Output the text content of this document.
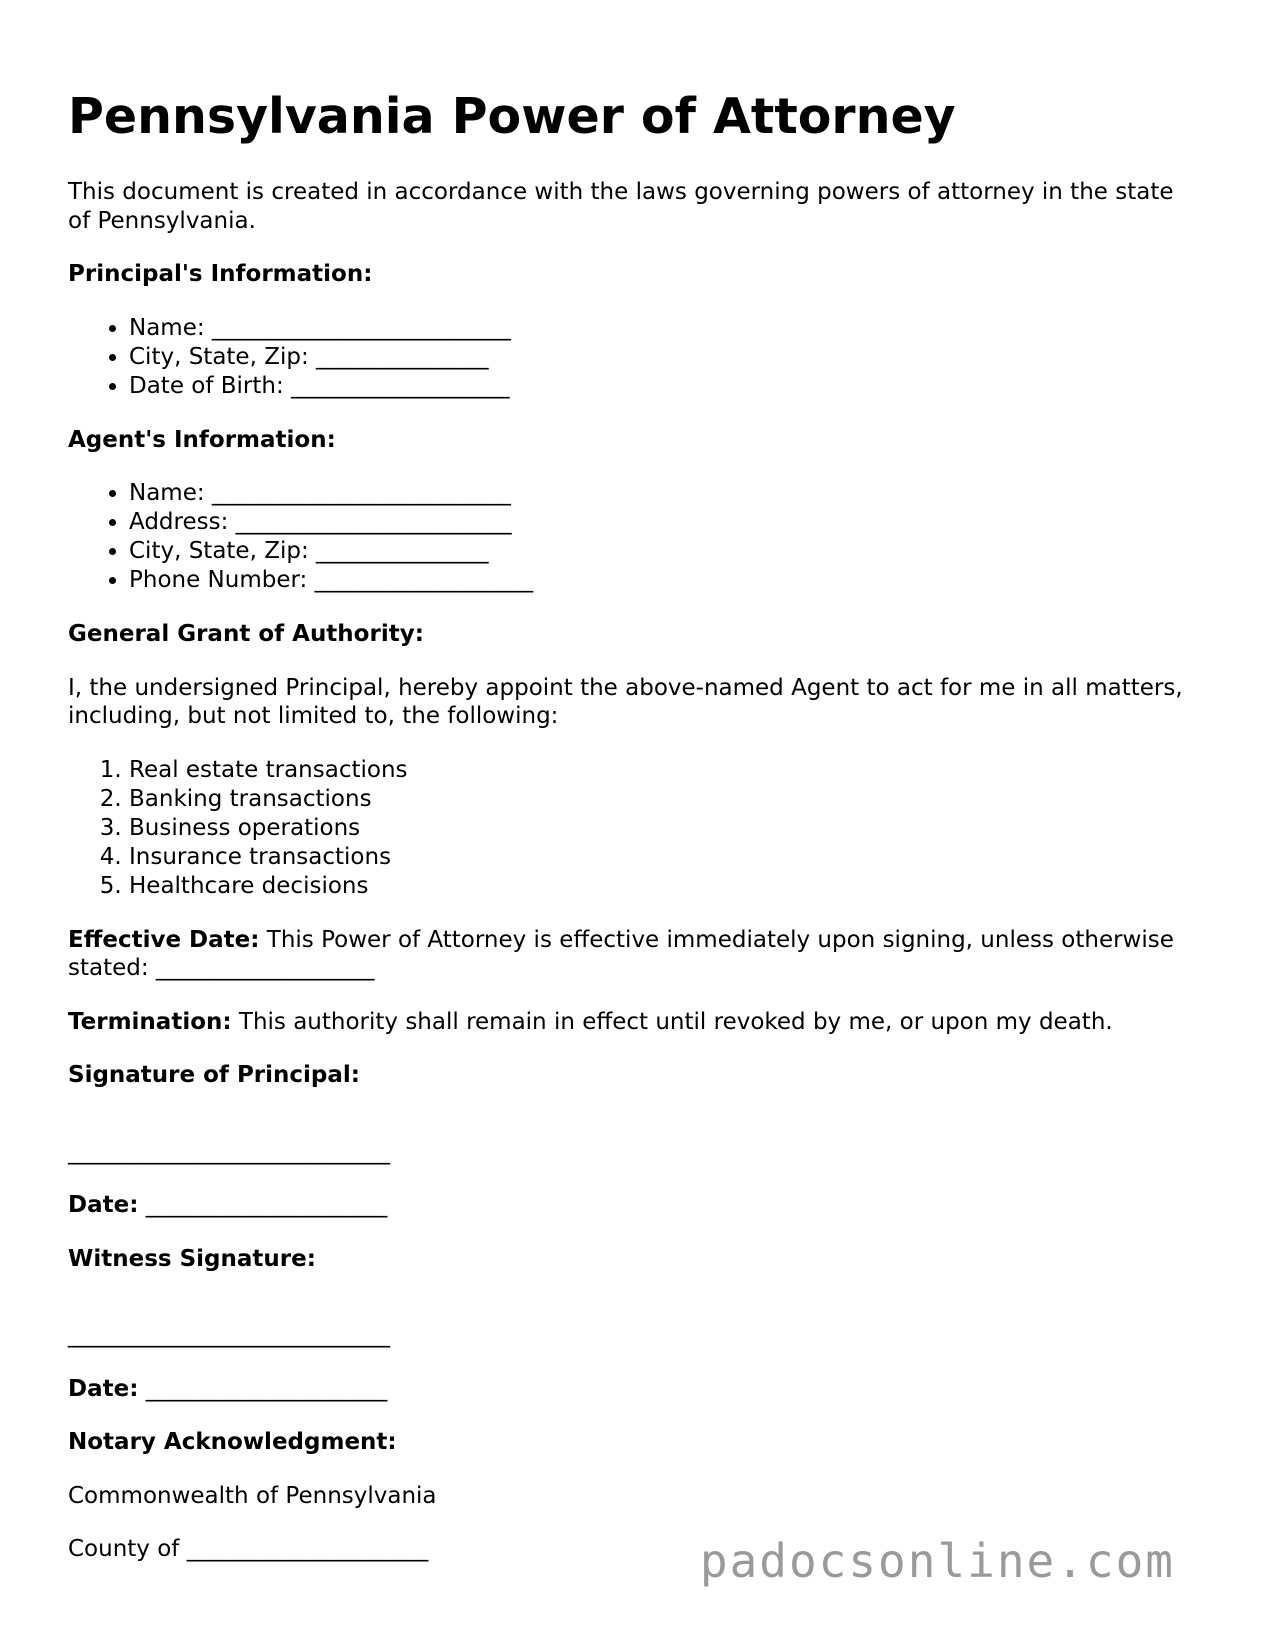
Pennsylvania Power of Attorney

This document is created in accordance with the laws governing powers of attorney in the state of Pennsylvania.

Principal's Information:

• Name: __________________________
• City, State, Zip: _______________
• Date of Birth: ___________________

Agent's Information:

• Name: __________________________
• Address: ________________________
• City, State, Zip: _______________
• Phone Number: ___________________

General Grant of Authority:

I, the undersigned Principal, hereby appoint the above-named Agent to act for me in all matters, including, but not limited to, the following:

1. Real estate transactions
2. Banking transactions
3. Business operations
4. Insurance transactions
5. Healthcare decisions

Effective Date: This Power of Attorney is effective immediately upon signing, unless otherwise stated: ___________________

Termination: This authority shall remain in effect until revoked by me, or upon my death.

Signature of Principal:

____________________________

Date: _____________________

Witness Signature:

____________________________

Date: _____________________

Notary Acknowledgment:

Commonwealth of Pennsylvania

County of _____________________	padocsonline.com
